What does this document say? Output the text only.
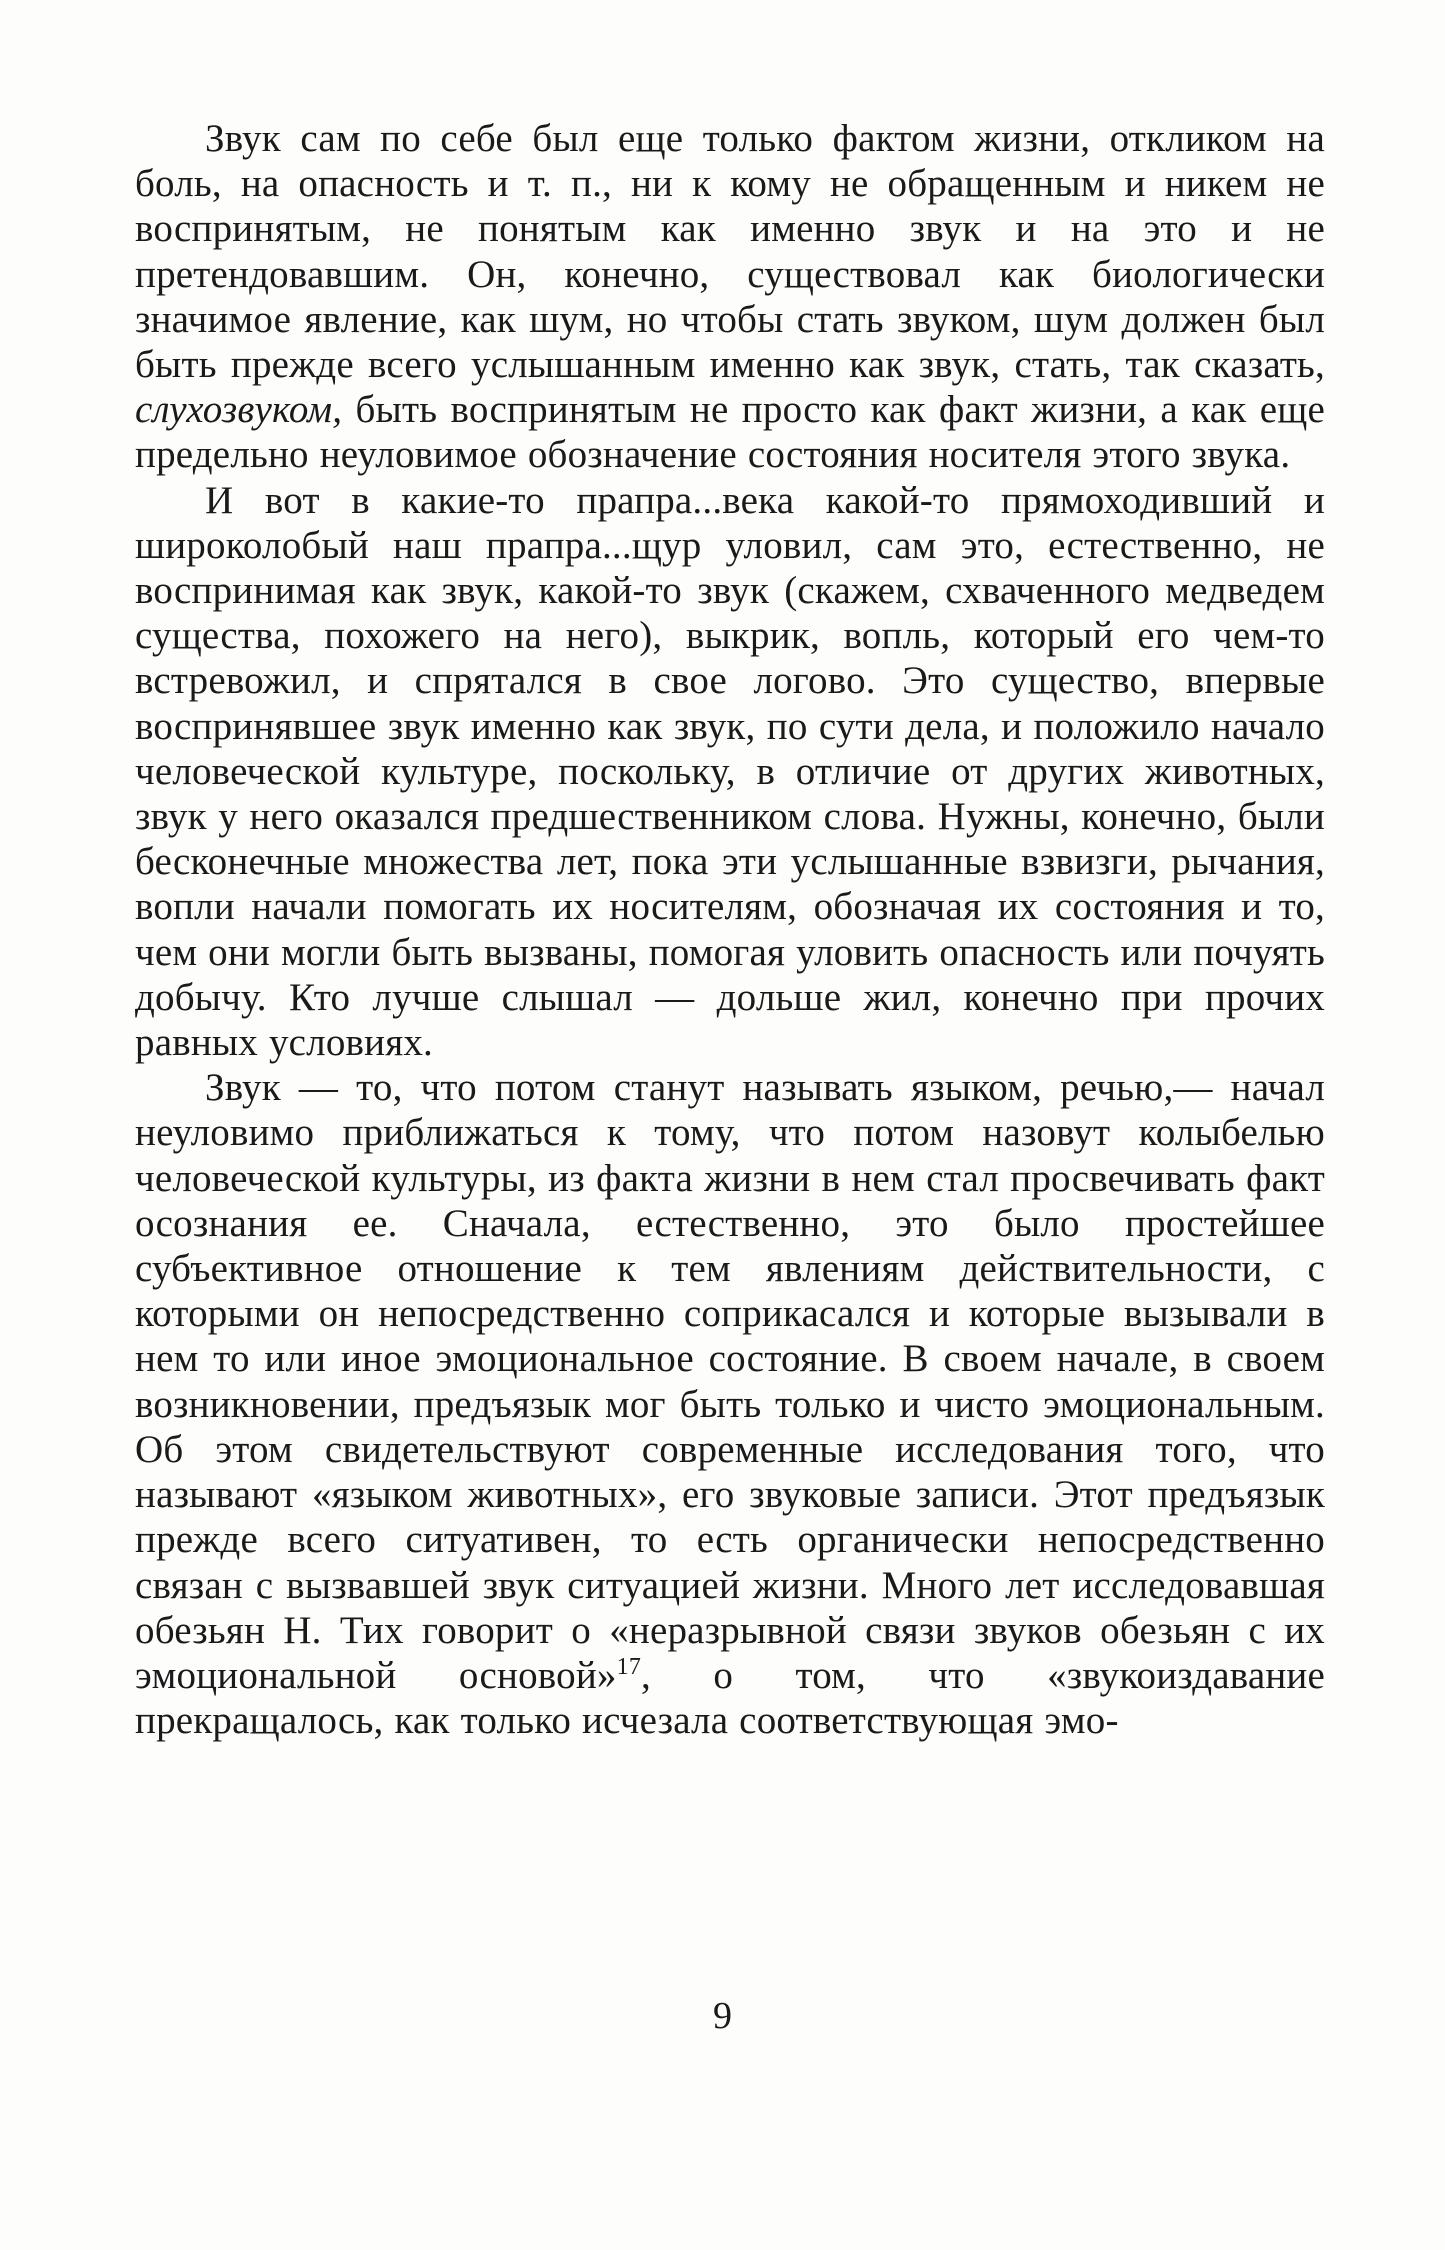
Звук сам по себе был еще только фактом жизни, откликом на боль, на опасность и т. п., ни к кому не обращенным и никем не воспринятым, не понятым как именно звук и на это и не претендовавшим. Он, конечно, существовал как биологически значимое явление, как шум, но чтобы стать звуком, шум должен был быть прежде всего услышанным именно как звук, стать, так сказать, слухозвуком, быть воспринятым не просто как факт жизни, а как еще предельно неуловимое обозначение состояния носителя этого звука.

И вот в какие-то прапра...века какой-то прямоходивший и широколобый наш прапра...щур уловил, сам это, естественно, не воспринимая как звук, какой-то звук (скажем, схваченного медведем существа, похожего на него), выкрик, вопль, который его чем-то встревожил, и спрятался в свое логово. Это существо, впервые воспринявшее звук именно как звук, по сути дела, и положило начало человеческой культуре, поскольку, в отличие от других животных, звук у него оказался предшественником слова. Нужны, конечно, были бесконечные множества лет, пока эти услышанные взвизги, рычания, вопли начали помогать их носителям, обозначая их состояния и то, чем они могли быть вызваны, помогая уловить опасность или почуять добычу. Кто лучше слышал — дольше жил, конечно при прочих равных условиях.

Звук — то, что потом станут называть языком, речью,— начал неуловимо приближаться к тому, что потом назовут колыбелью человеческой культуры, из факта жизни в нем стал просвечивать факт осознания ее. Сначала, естественно, это было простейшее субъективное отношение к тем явлениям действительности, с которыми он непосредственно соприкасался и которые вызывали в нем то или иное эмоциональное состояние. В своем начале, в своем возникновении, предъязык мог быть только и чисто эмоциональным. Об этом свидетельствуют современные исследования того, что называют «языком животных», его звуковые записи. Этот предъязык прежде всего ситуативен, то есть органически непосредственно связан с вызвавшей звук ситуацией жизни. Много лет исследовавшая обезьян Н. Тих говорит о «неразрывной связи звуков обезьян с их эмоциональной основой»$^{17}$, о том, что «звукоиздавание прекращалось, как только исчезала соответствующая эмо-

9
